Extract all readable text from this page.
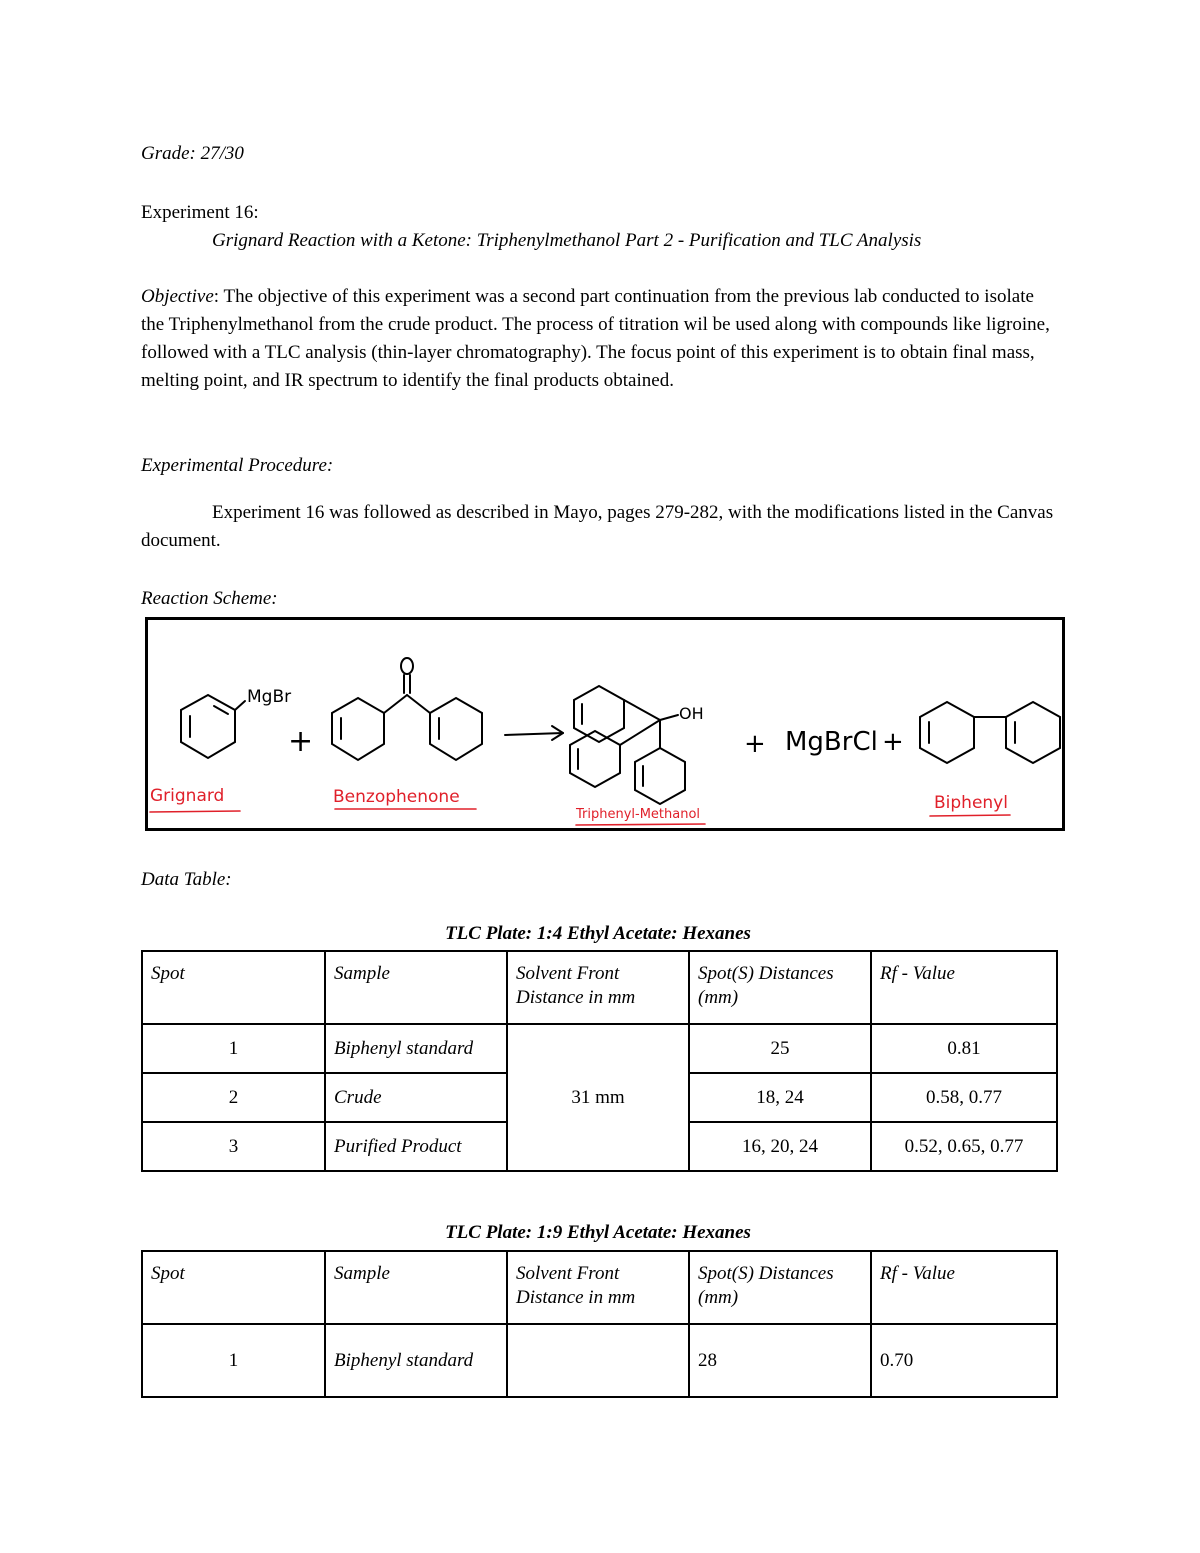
Grade: 27/30
Experiment 16:
Grignard Reaction with a Ketone: Triphenylmethanol Part 2 - Purification and TLC Analysis
Objective: The objective of this experiment was a second part continuation from the previous lab conducted to isolate the Triphenylmethanol from the crude product. The process of titration wil be used along with compounds like ligroine, followed with a TLC analysis (thin-layer chromatography). The focus point of this experiment is to obtain final mass, melting point, and IR spectrum to identify the final products obtained.
Experimental Procedure:
Experiment 16 was followed as described in Mayo, pages 279-282, with the modifications listed in the Canvas document.
Reaction Scheme:
MgBr
+
OH
+ MgBrCl +
Grignard	Benzophenone
Triphenyl-Methanol
Biphenyl
Data Table:
TLC Plate: 1:4 Ethyl Acetate: Hexanes
Spot	Sample	Solvent Front Distance in mm	Spot(S) Distances (mm)	Rf - Value
1	Biphenyl standard	31 mm	25	0.81
2	Crude		18, 24	0.58, 0.77
3	Purified Product		16, 20, 24	0.52, 0.65, 0.77
TLC Plate: 1:9 Ethyl Acetate: Hexanes
Spot	Sample	Solvent Front Distance in mm	Spot(S) Distances (mm)	Rf - Value
1	Biphenyl standard		28	0.70
